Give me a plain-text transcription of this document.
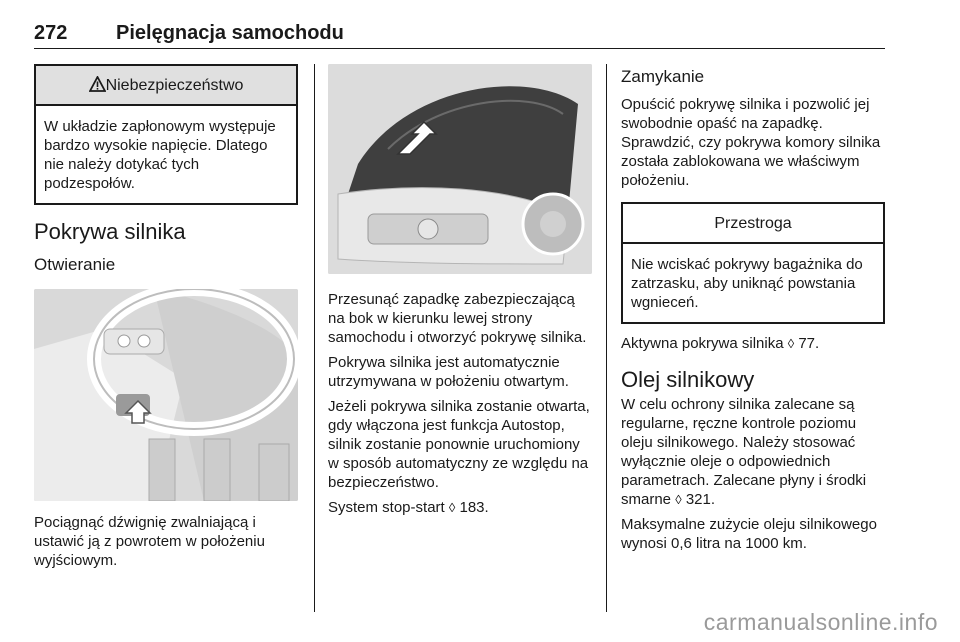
272 Pielęgnacja samochodu
Niebezpieczeństwo
W układzie zapłonowym występuje bardzo wysokie napięcie. Dlatego nie należy dotykać tych podzespołów.
Pokrywa silnika
Otwieranie

Pociągnąć dźwignię zwalniającą i ustawić ją z powrotem w położeniu wyjściowym.

Przesunąć zapadkę zabezpieczającą na bok w kierunku lewej strony samochodu i otworzyć pokrywę silnika.

Pokrywa silnika jest automatycznie utrzymywana w położeniu otwartym.

Jeżeli pokrywa silnika zostanie otwarta, gdy włączona jest funkcja Autostop, silnik zostanie ponownie uruchomiony w sposób automatyczny ze względu na bezpieczeństwo.

System stop-start ◊ 183.

Zamykanie

Opuścić pokrywę silnika i pozwolić jej swobodnie opaść na zapadkę. Sprawdzić, czy pokrywa komory silnika została zablokowana we właściwym położeniu.

Przestroga
Nie wciskać pokrywy bagażnika do zatrzasku, aby uniknąć powstania wgnieceń.

Aktywna pokrywa silnika ◊ 77.

Olej silnikowy

W celu ochrony silnika zalecane są regularne, ręczne kontrole poziomu oleju silnikowego. Należy stosować wyłącznie oleje o odpowiednich parametrach. Zalecane płyny i środki smarne ◊ 321.

Maksymalne zużycie oleju silnikowego wynosi 0,6 litra na 1000 km.

carmanualsonline.info
